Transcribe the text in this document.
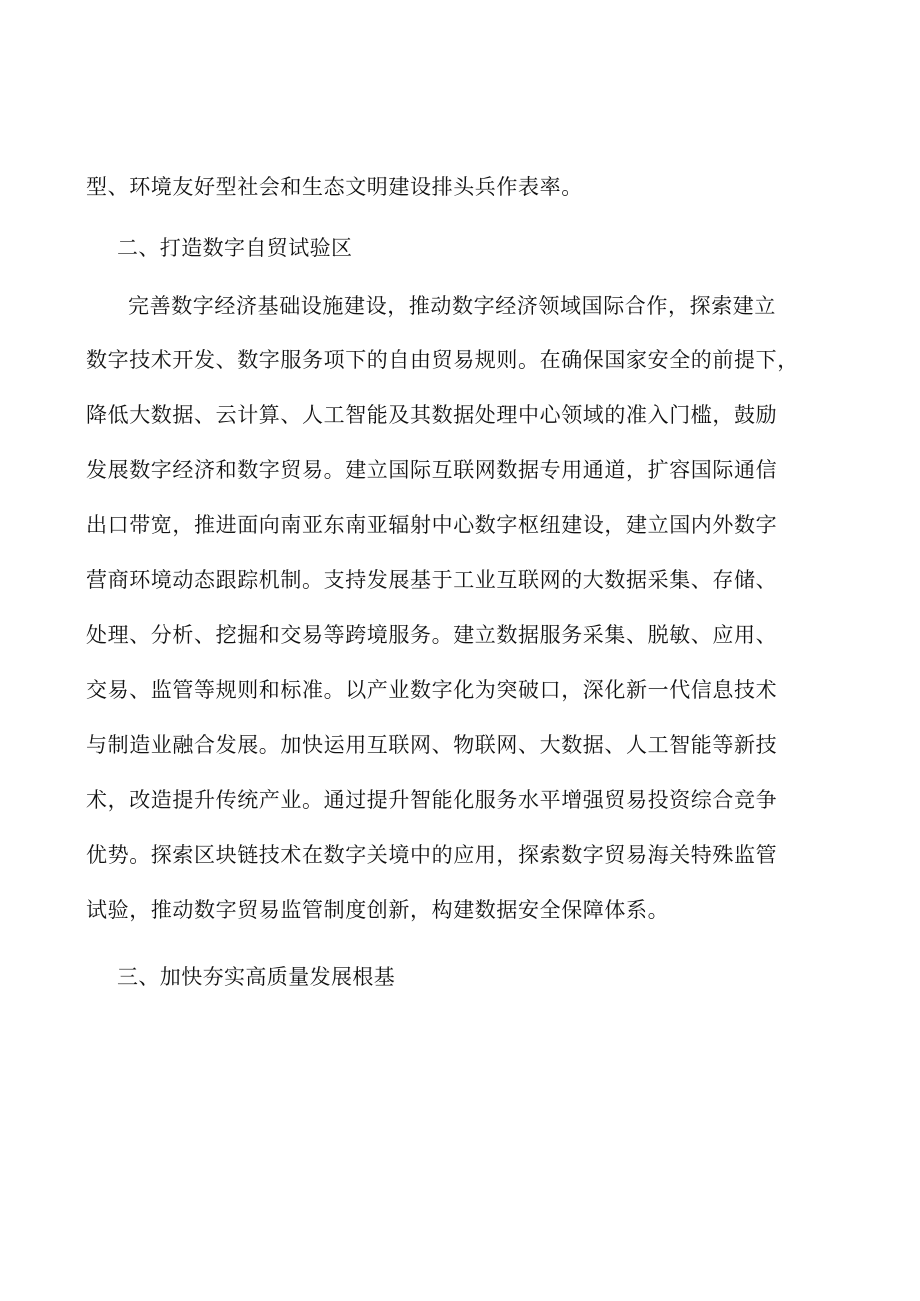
型、环境友好型社会和生态文明建设排头兵作表率。
二、打造数字自贸试验区
完善数字经济基础设施建设，推动数字经济领域国际合作，探索建立
数字技术开发、数字服务项下的自由贸易规则。在确保国家安全的前提下，
降低大数据、云计算、人工智能及其数据处理中心领域的准入门槛，鼓励
发展数字经济和数字贸易。建立国际互联网数据专用通道，扩容国际通信
出口带宽，推进面向南亚东南亚辐射中心数字枢纽建设，建立国内外数字
营商环境动态跟踪机制。支持发展基于工业互联网的大数据采集、存储、
处理、分析、挖掘和交易等跨境服务。建立数据服务采集、脱敏、应用、
交易、监管等规则和标准。以产业数字化为突破口，深化新一代信息技术
与制造业融合发展。加快运用互联网、物联网、大数据、人工智能等新技
术，改造提升传统产业。通过提升智能化服务水平增强贸易投资综合竞争
优势。探索区块链技术在数字关境中的应用，探索数字贸易海关特殊监管
试验，推动数字贸易监管制度创新，构建数据安全保障体系。
三、加快夯实高质量发展根基
